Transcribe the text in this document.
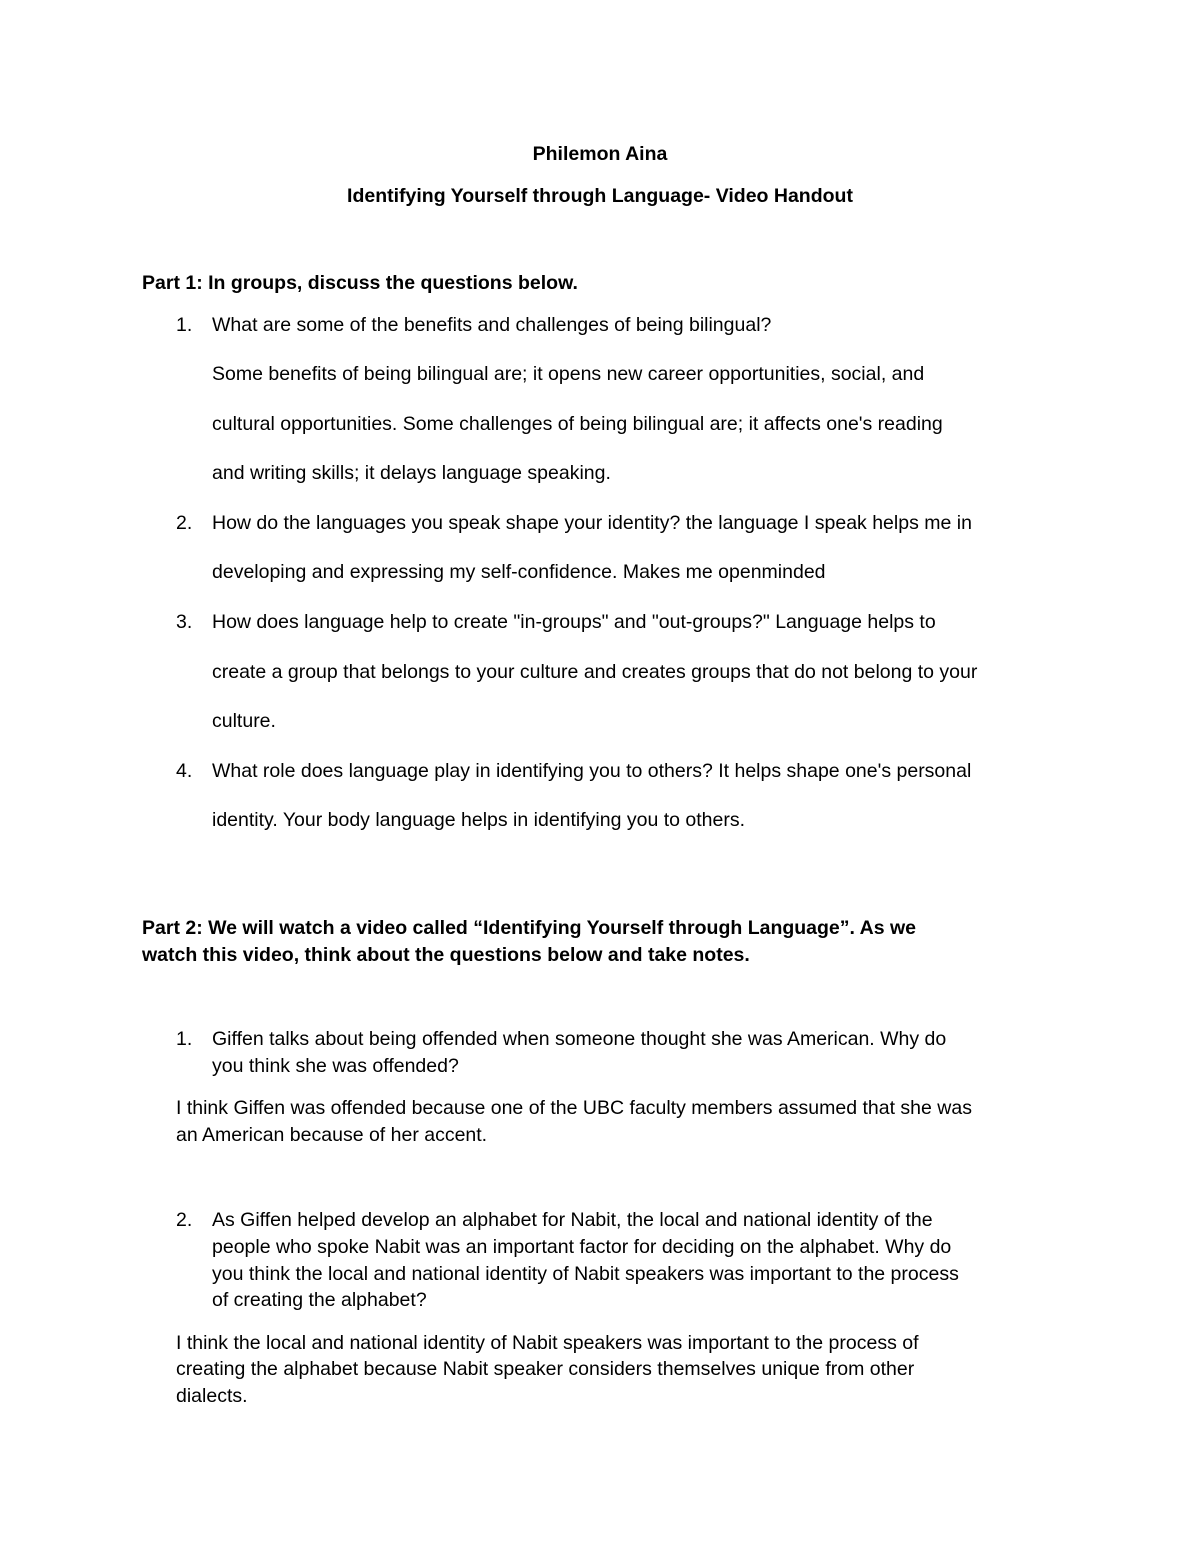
Philemon Aina
Identifying Yourself through Language- Video Handout
Part 1: In groups, discuss the questions below.
1. What are some of the benefits and challenges of being bilingual?
Some benefits of being bilingual are; it opens new career opportunities, social, and
cultural opportunities. Some challenges of being bilingual are; it affects one's reading
and writing skills; it delays language speaking.
2. How do the languages you speak shape your identity? the language I speak helps me in
developing and expressing my self-confidence. Makes me openminded
3. How does language help to create "in-groups" and "out-groups?" Language helps to
create a group that belongs to your culture and creates groups that do not belong to your
culture.
4. What role does language play in identifying you to others? It helps shape one's personal
identity. Your body language helps in identifying you to others.
Part 2: We will watch a video called “Identifying Yourself through Language”. As we
watch this video, think about the questions below and take notes.
1. Giffen talks about being offended when someone thought she was American. Why do
you think she was offended?
I think Giffen was offended because one of the UBC faculty members assumed that she was
an American because of her accent.
2. As Giffen helped develop an alphabet for Nabit, the local and national identity of the
people who spoke Nabit was an important factor for deciding on the alphabet. Why do
you think the local and national identity of Nabit speakers was important to the process
of creating the alphabet?
I think the local and national identity of Nabit speakers was important to the process of
creating the alphabet because Nabit speaker considers themselves unique from other
dialects.
